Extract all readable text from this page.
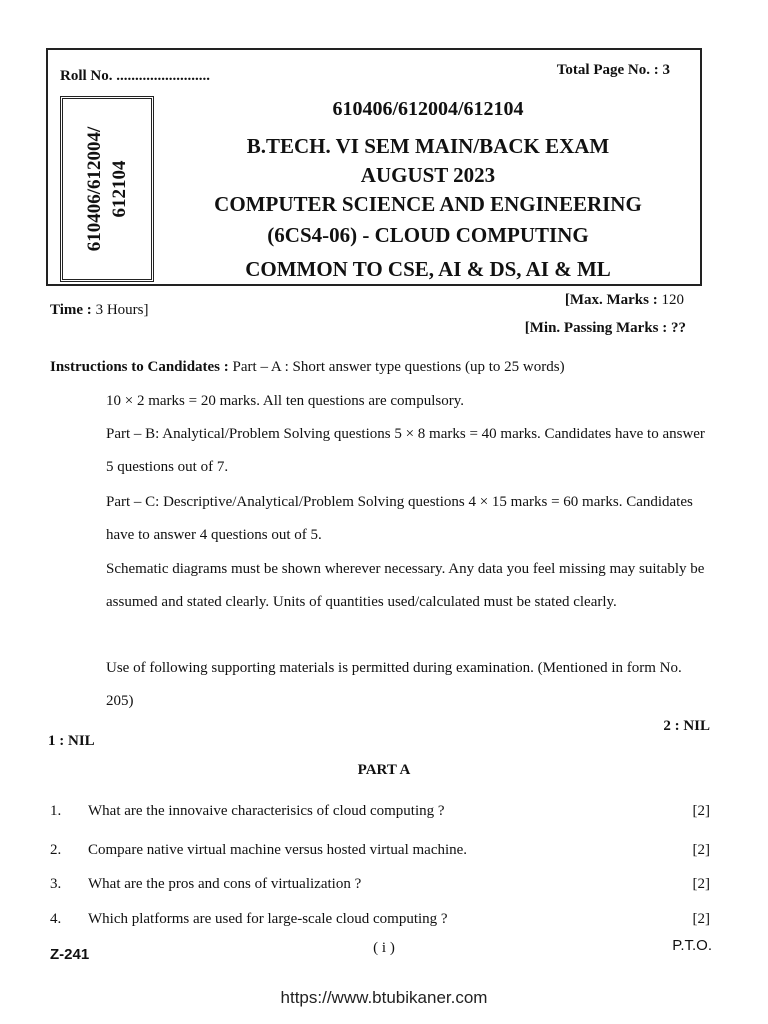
Roll No. .........................	Total Page No. : 3
610406/612004/ 612104
610406/612004/612104
B.TECH. VI SEM MAIN/BACK EXAM
AUGUST 2023
COMPUTER SCIENCE AND ENGINEERING
(6CS4-06) - CLOUD COMPUTING
COMMON TO CSE, AI & DS, AI & ML
Time : 3 Hours]
[Max. Marks : 120
[Min. Passing Marks : ??
Instructions to Candidates : Part – A : Short answer type questions (up to 25 words)
10 × 2 marks = 20 marks. All ten questions are compulsory.
Part – B: Analytical/Problem Solving questions 5 × 8 marks = 40 marks. Candidates have to answer 5 questions out of 7.
Part – C: Descriptive/Analytical/Problem Solving questions 4 × 15 marks = 60 marks. Candidates have to answer 4 questions out of 5.
Schematic diagrams must be shown wherever necessary. Any data you feel missing may suitably be assumed and stated clearly. Units of quantities used/calculated must be stated clearly.
Use of following supporting materials is permitted during examination. (Mentioned in form No. 205)
1 : NIL
2 : NIL
PART A
1. What are the innovaive characterisics of cloud computing ?	[2]
2. Compare native virtual machine versus hosted virtual machine.	[2]
3. What are the pros and cons of virtualization ?	[2]
4. Which platforms are used for large-scale cloud computing ?	[2]
Z-241	( i )	P.T.O.
https://www.btubikaner.com
